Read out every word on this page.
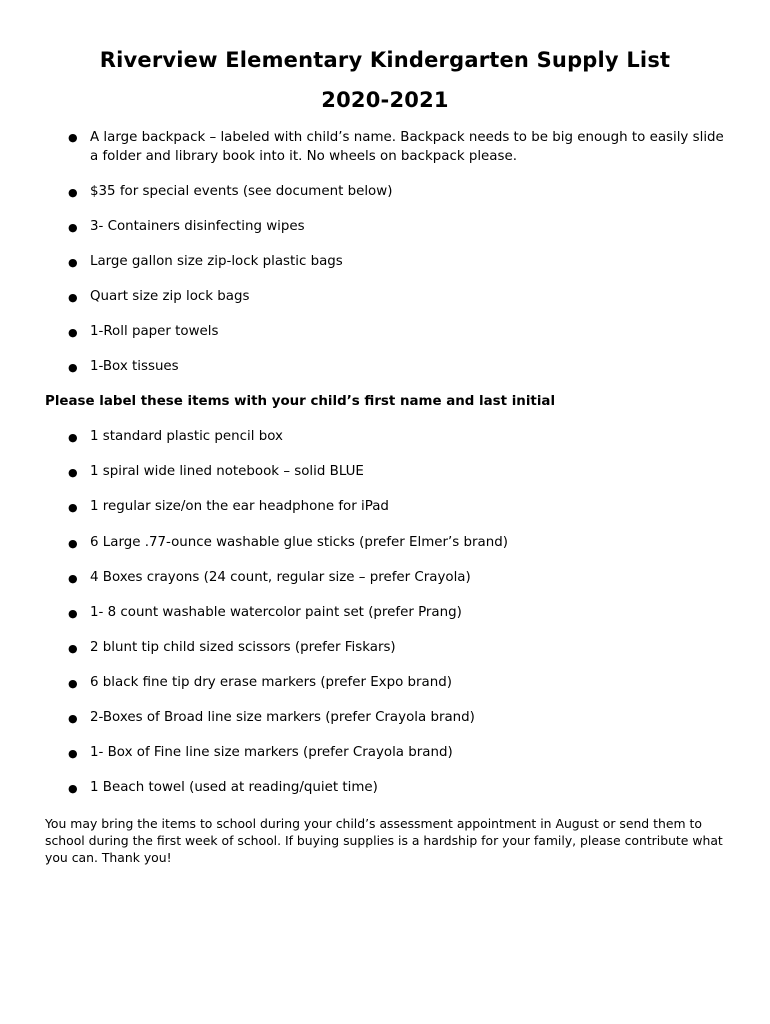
Riverview Elementary Kindergarten Supply List
2020-2021
● A large backpack – labeled with child’s name. Backpack needs to be big enough to easily slide a folder and library book into it. No wheels on backpack please.
● $35 for special events (see document below)
● 3- Containers disinfecting wipes
● Large gallon size zip-lock plastic bags
● Quart size zip lock bags
● 1-Roll paper towels
● 1-Box tissues
Please label these items with your child’s first name and last initial
● 1 standard plastic pencil box
● 1 spiral wide lined notebook – solid BLUE
● 1 regular size/on the ear headphone for iPad
● 6 Large .77-ounce washable glue sticks (prefer Elmer’s brand)
● 4 Boxes crayons (24 count, regular size – prefer Crayola)
● 1- 8 count washable watercolor paint set (prefer Prang)
● 2 blunt tip child sized scissors (prefer Fiskars)
● 6 black fine tip dry erase markers (prefer Expo brand)
● 2-Boxes of Broad line size markers (prefer Crayola brand)
● 1- Box of Fine line size markers (prefer Crayola brand)
● 1 Beach towel (used at reading/quiet time)
You may bring the items to school during your child’s assessment appointment in August or send them to school during the first week of school. If buying supplies is a hardship for your family, please contribute what you can. Thank you!
